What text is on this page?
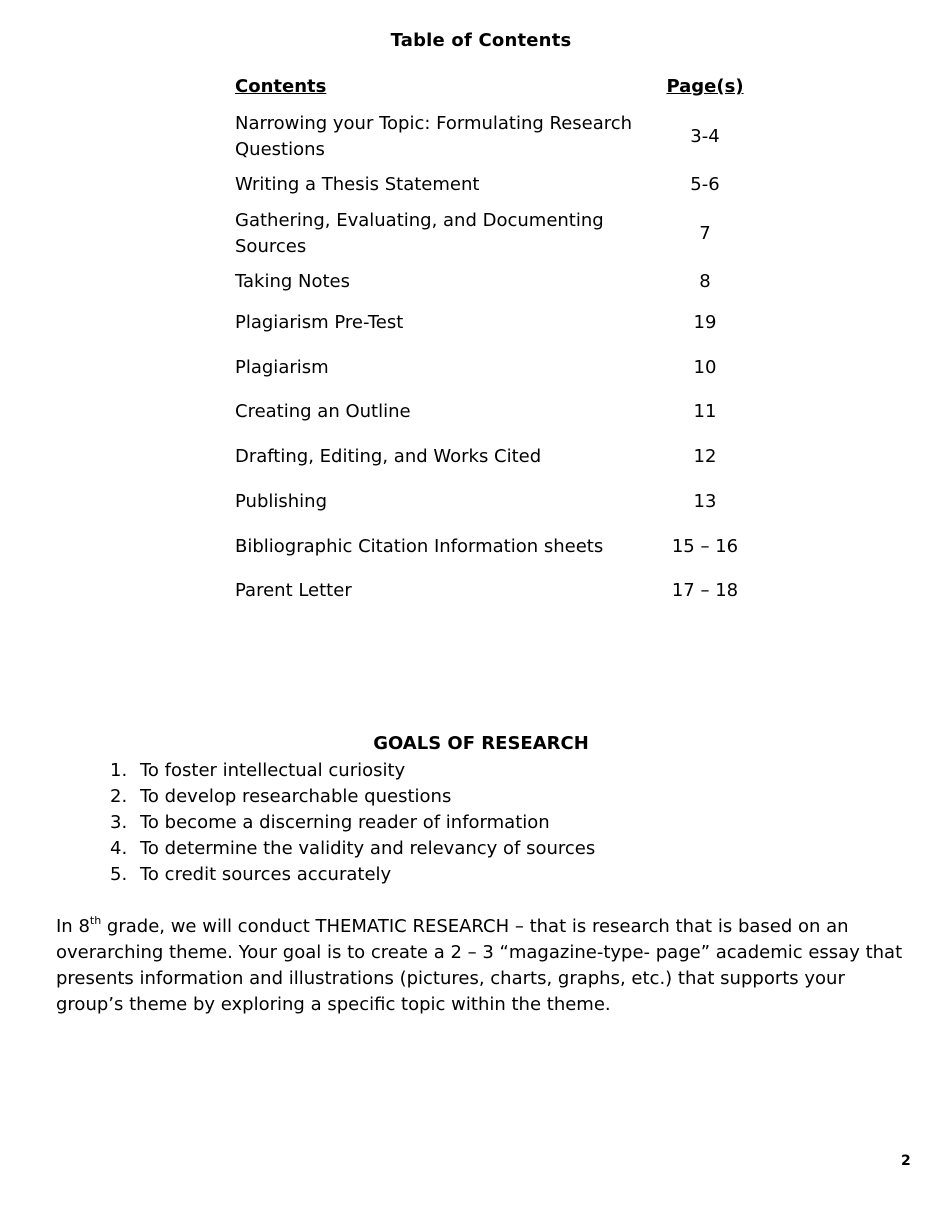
Table of Contents
Contents	Page(s)
Narrowing your Topic: Formulating Research Questions	3-4
Writing a Thesis Statement	5-6
Gathering, Evaluating, and Documenting Sources	7
Taking Notes	8
Plagiarism Pre-Test	19
Plagiarism	10
Creating an Outline	11
Drafting, Editing, and Works Cited	12
Publishing	13
Bibliographic Citation Information sheets	15 – 16
Parent Letter	17 – 18
GOALS OF RESEARCH
1. To foster intellectual curiosity
2. To develop researchable questions
3. To become a discerning reader of information
4. To determine the validity and relevancy of sources
5. To credit sources accurately

In 8th grade, we will conduct THEMATIC RESEARCH – that is research that is based on an overarching theme. Your goal is to create a 2 – 3 “magazine-type- page” academic essay that presents information and illustrations (pictures, charts, graphs, etc.) that supports your group’s theme by exploring a specific topic within the theme.

2
